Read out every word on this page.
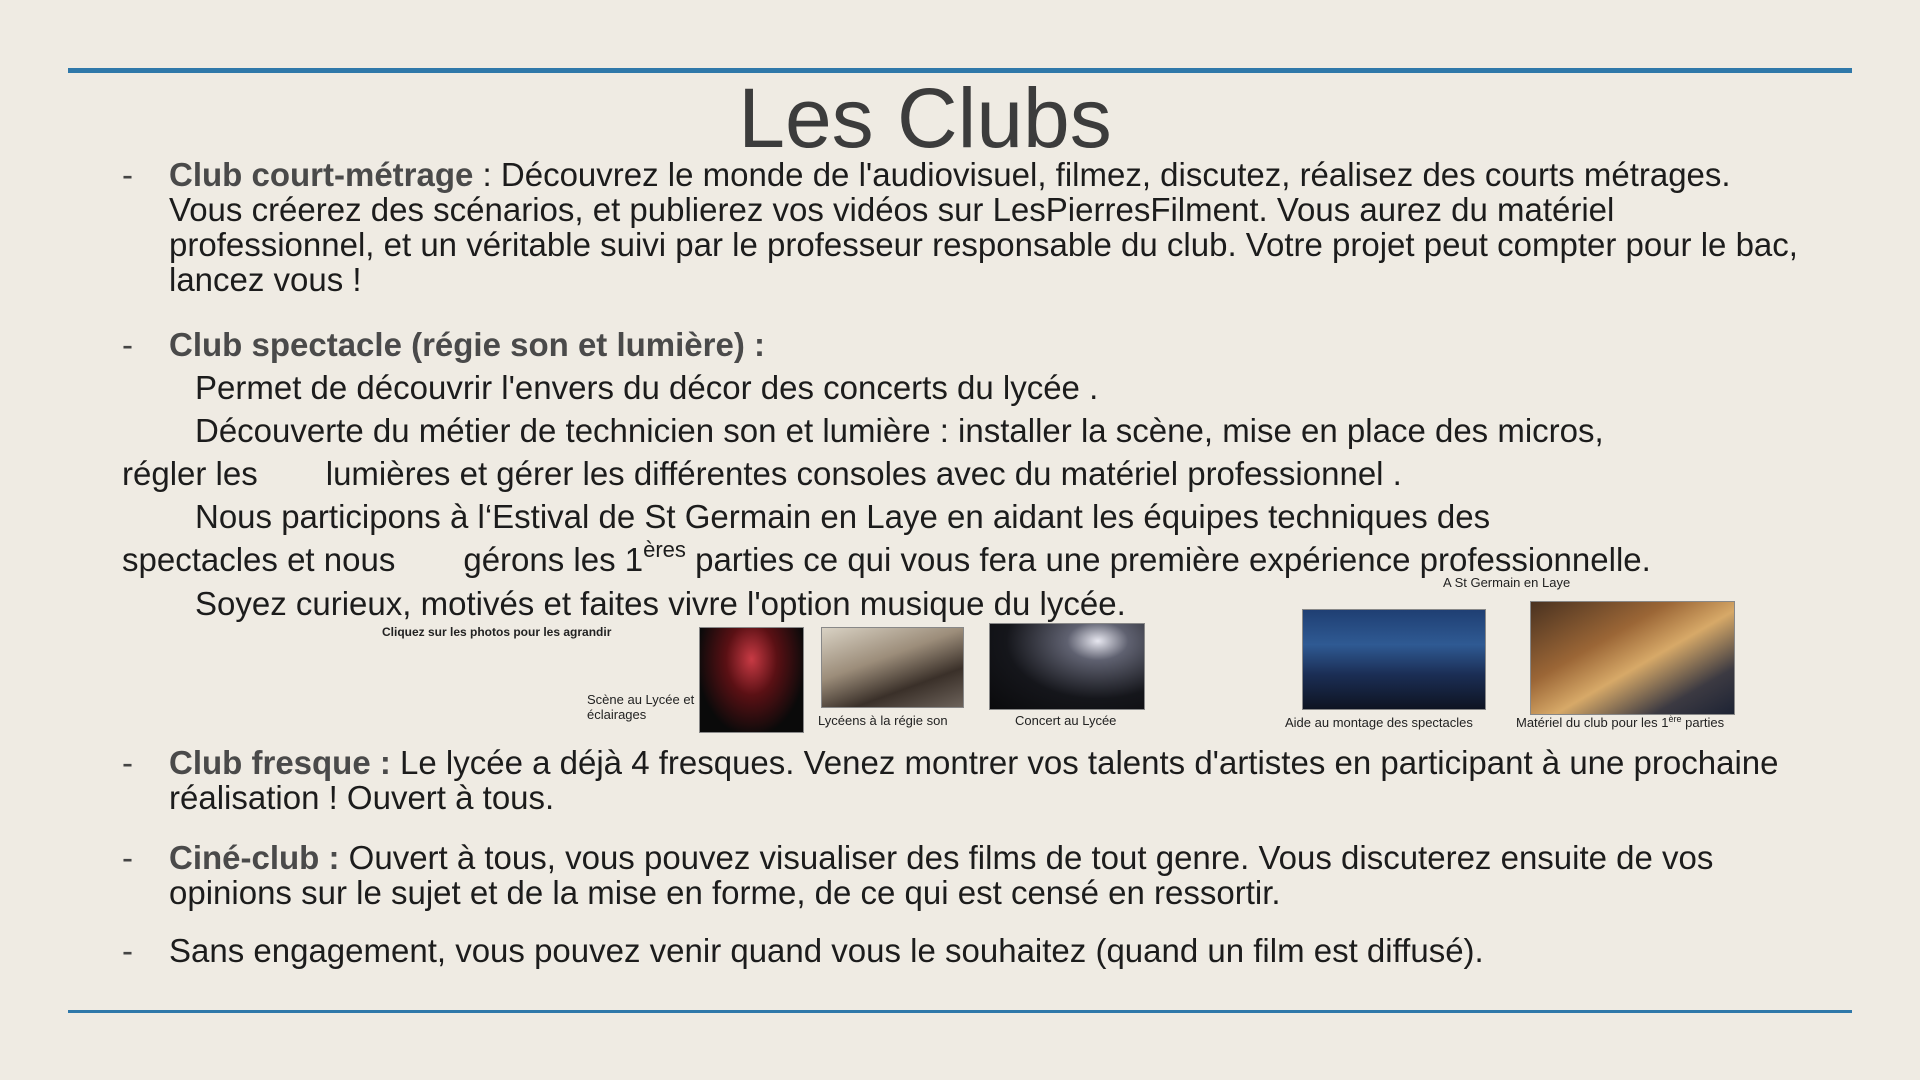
Les Clubs
- Club court-métrage : Découvrez le monde de l'audiovisuel, filmez, discutez, réalisez des courts métrages. Vous créerez des scénarios, et publierez vos vidéos sur LesPierresFilment. Vous aurez du matériel professionnel, et un véritable suivi par le professeur responsable du club. Votre projet peut compter pour le bac, lancez vous !
- Club spectacle (régie son et lumière) :
Permet de découvrir l'envers du décor des concerts du lycée .
Découverte du métier de technicien son et lumière : installer la scène, mise en place des micros,
régler les lumières et gérer les différentes consoles avec du matériel professionnel .
Nous participons à l‘Estival de St Germain en Laye en aidant les équipes techniques des
spectacles et nous gérons les 1ères parties ce qui vous fera une première expérience professionnelle.
Soyez curieux, motivés et faites vivre l'option musique du lycée.
Cliquez sur les photos pour les agrandir
A St Germain en Laye
Scène au Lycée et éclairages	Lycéens à la régie son	Concert au Lycée	Aide au montage des spectacles	Matériel du club pour les 1ère parties
- Club fresque : Le lycée a déjà 4 fresques. Venez montrer vos talents d'artistes en participant à une prochaine réalisation ! Ouvert à tous.
- Ciné-club : Ouvert à tous, vous pouvez visualiser des films de tout genre. Vous discuterez ensuite de vos opinions sur le sujet et de la mise en forme, de ce qui est censé en ressortir.
- Sans engagement, vous pouvez venir quand vous le souhaitez (quand un film est diffusé).
